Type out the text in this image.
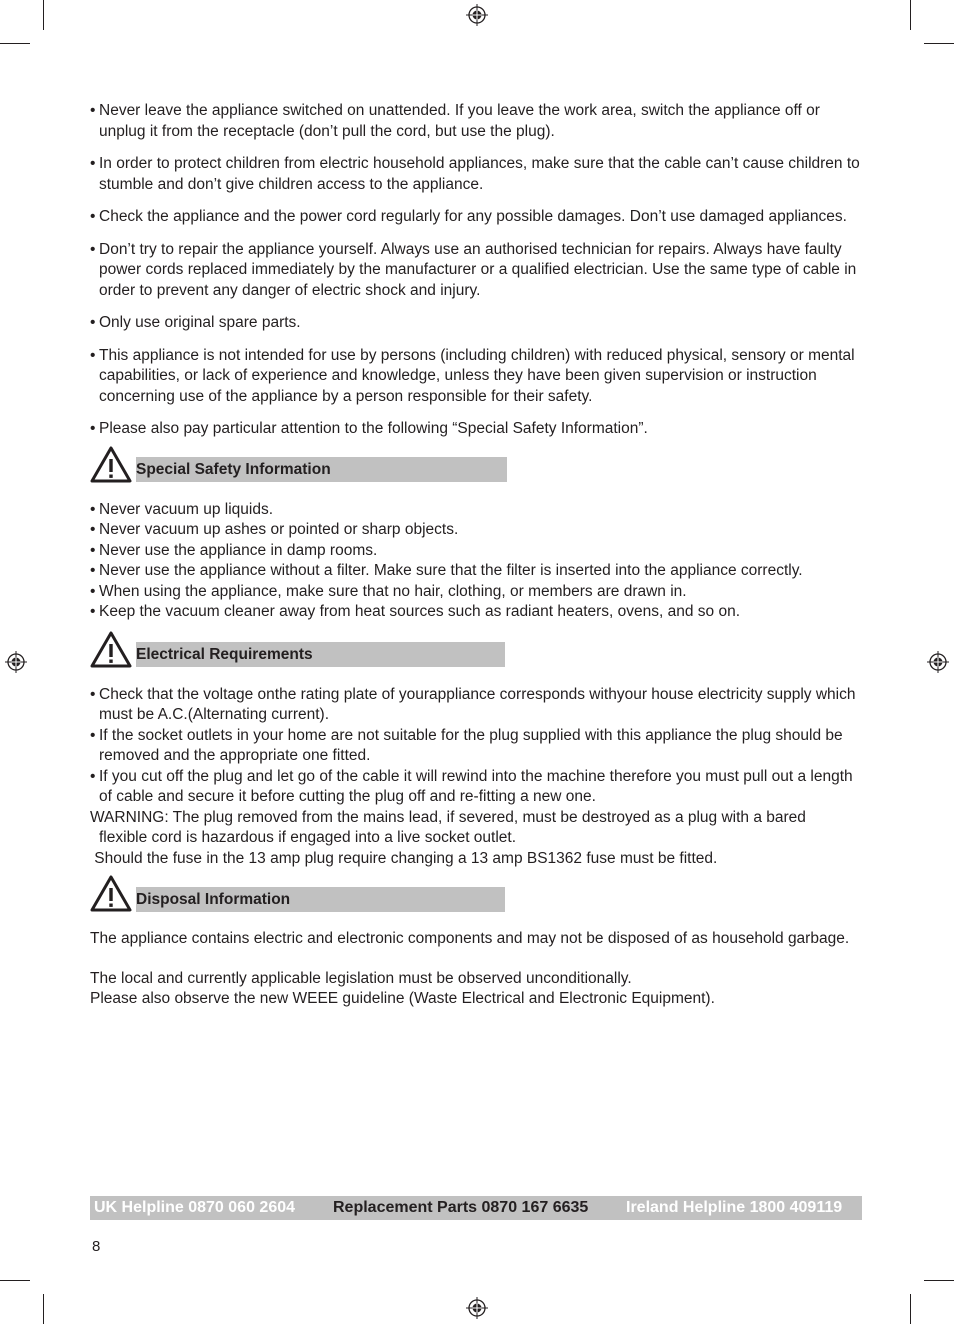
• Never leave the appliance switched on unattended. If you leave the work area, switch the appliance off or unplug it from the receptacle (don’t pull the cord, but use the plug).
• In order to protect children from electric household appliances, make sure that the cable can’t cause children to stumble and don’t give children access to the appliance.
• Check the appliance and the power cord regularly for any possible damages. Don’t use damaged appliances.
• Don’t try to repair the appliance yourself. Always use an authorised technician for repairs. Always have faulty power cords replaced immediately by the manufacturer or a qualified electrician. Use the same type of cable in order to prevent any danger of electric shock and injury.
• Only use original spare parts.
• This appliance is not intended for use by persons (including children) with reduced physical, sensory or mental capabilities, or lack of experience and knowledge, unless they have been given supervision or instruction concerning use of the appliance by a person responsible for their safety.
• Please also pay particular attention to the following “Special Safety Information”.
Special Safety Information
• Never vacuum up liquids.
• Never vacuum up ashes or pointed or sharp objects.
• Never use the appliance in damp rooms.
• Never use the appliance without a filter. Make sure that the filter is inserted into the appliance correctly.
• When using the appliance, make sure that no hair, clothing, or members are drawn in.
• Keep the vacuum cleaner away from heat sources such as radiant heaters, ovens, and so on.
Electrical Requirements
• Check that the voltage onthe rating plate of yourappliance corresponds withyour house electricity supply which must be A.C.(Alternating current).
• If the socket outlets in your home are not suitable for the plug supplied with this appliance the plug should be removed and the appropriate one fitted.
• If you cut off the plug and let go of the cable it will rewind into the machine therefore you must pull out a length of cable and secure it before cutting the plug off and re-fitting a new one.

WARNING: The plug removed from the mains lead, if severed, must be destroyed as a plug with a bared

flexible cord is hazardous if engaged into a live socket outlet.

Should the fuse in the 13 amp plug require changing a 13 amp BS1362 fuse must be fitted.

Disposal Information

The appliance contains electric and electronic components and may not be disposed of as household garbage.

The local and currently applicable legislation must be observed unconditionally.

Please also observe the new WEEE guideline (Waste Electrical and Electronic Equipment).

UK Helpline 0870 060 2604	Replacement Parts 0870 167 6635	Ireland Helpline 1800 409119
8
